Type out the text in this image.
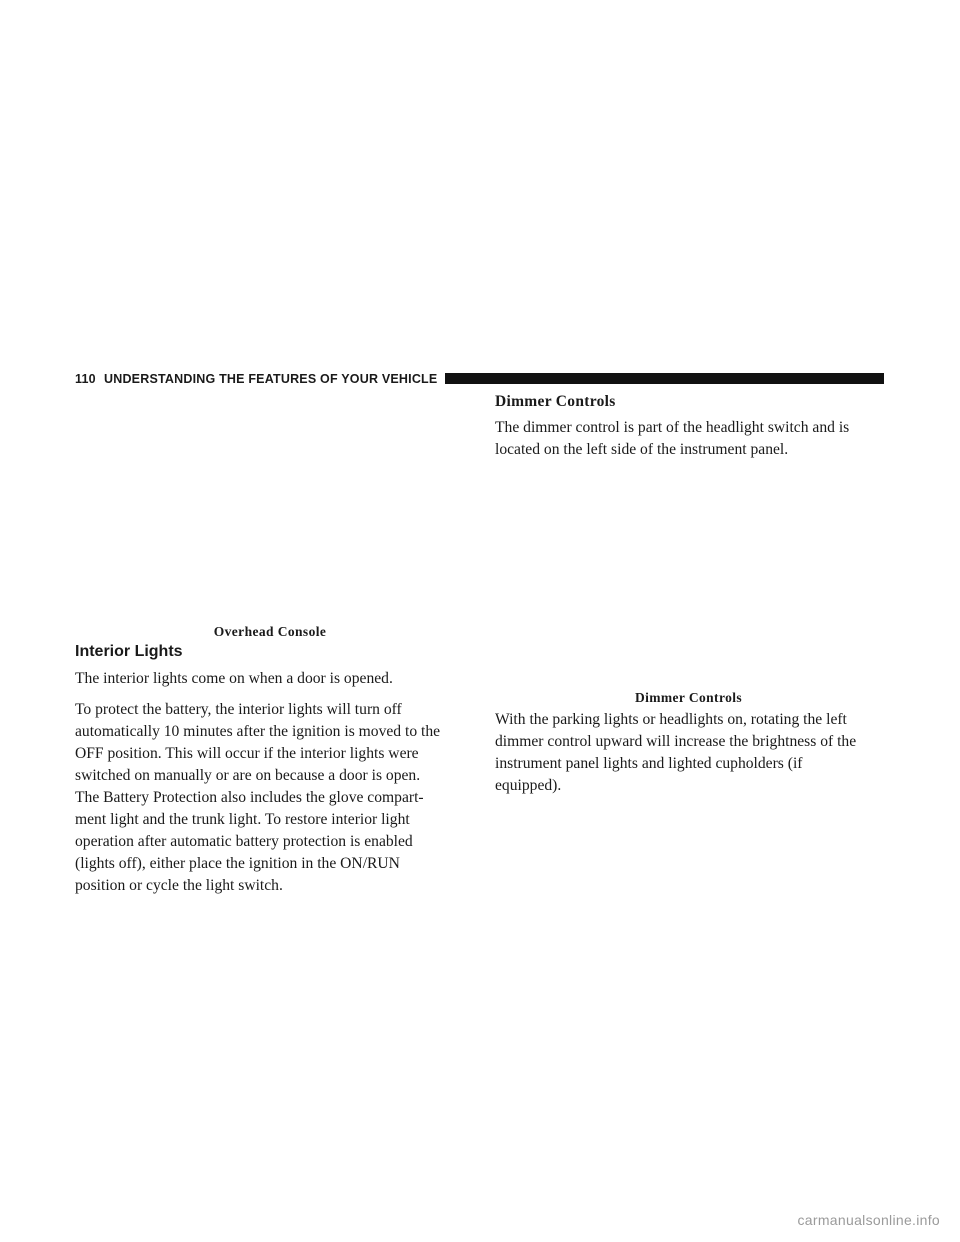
110 UNDERSTANDING THE FEATURES OF YOUR VEHICLE
Overhead Console
Interior Lights

The interior lights come on when a door is opened.

To protect the battery, the interior lights will turn off

automatically 10 minutes after the ignition is moved to the

OFF position. This will occur if the interior lights were

switched on manually or are on because a door is open.

The Battery Protection also includes the glove compart-

ment light and the trunk light. To restore interior light

operation after automatic battery protection is enabled

(lights off), either place the ignition in the ON/RUN

position or cycle the light switch.

Dimmer Controls

The dimmer control is part of the headlight switch and is

located on the left side of the instrument panel.

Dimmer Controls

With the parking lights or headlights on, rotating the left

dimmer control upward will increase the brightness of the

instrument panel lights and lighted cupholders (if

equipped).

carmanualsonline.info
